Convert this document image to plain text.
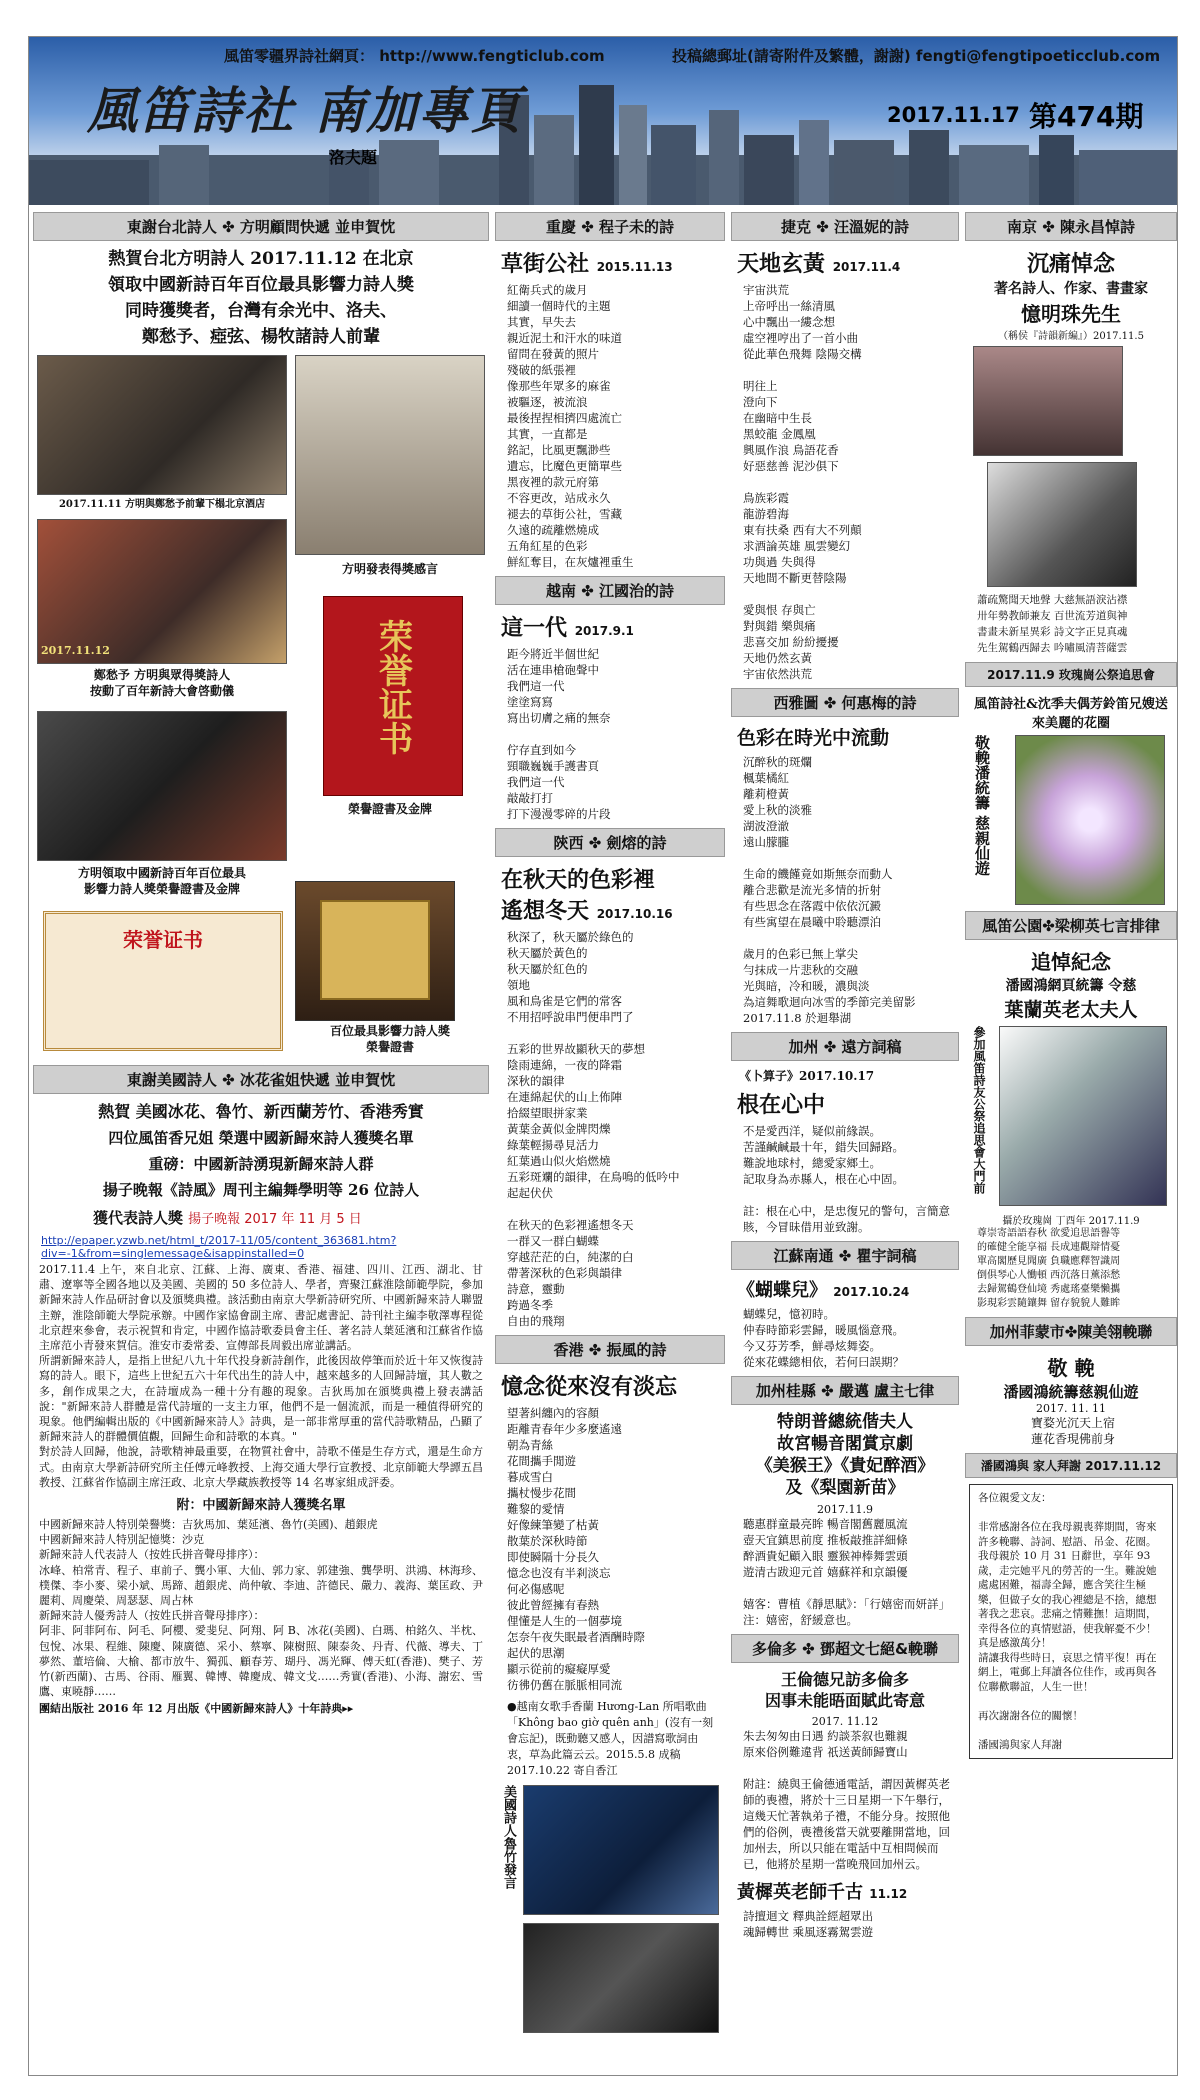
風笛零疆界詩社網頁： http://www.fengticlub.com	投稿總郵址(請寄附件及繁體，謝謝) fengti@fengtipoeticclub.com
風笛詩社 南加專頁
洛夫題
2017.11.17 第474期
東謝台北詩人 ✤ 方明顧問快遞 並申賀忱
熱賀台北方明詩人 2017.11.12 在北京
領取中國新詩百年百位最具影響力詩人獎
同時獲獎者，台灣有余光中、洛夫、
鄭愁予、瘂弦、楊牧諸詩人前輩
2017.11.11 方明與鄭愁予前輩下榻北京酒店
方明發表得獎感言
2017.11.12
鄭愁予 方明與眾得獎詩人
按動了百年新詩大會啓動儀	荣誉证书
榮譽證書及金牌
方明領取中國新詩百年百位最具
影響力詩人獎榮譽證書及金牌
荣誉证书
百位最具影響力詩人獎
榮譽證書
東謝美國詩人 ✤ 冰花雀姐快遞 並申賀忱
熱賀 美國冰花、魯竹、新西蘭芳竹、香港秀實
四位風笛香兄姐 榮選中國新歸來詩人獲獎名單
重磅：中國新詩湧現新歸來詩人群
揚子晚報《詩風》周刊主編舞學明等 26 位詩人
獲代表詩人獎 揚子晚報 2017 年 11 月 5 日
http://epaper.yzwb.net/html_t/2017-11/05/content_363681.htm?div=-1&from=singlemessage&isappinstalled=0
2017.11.4 上午，來自北京、江蘇、上海、廣東、香港、福建、四川、江西、湖北、甘肅、遼寧等全國各地以及美國、美國的 50 多位詩人、學者，齊聚江蘇淮陰師範學院，參加新歸來詩人作品研討會以及頒獎典禮。該活動由南京大學新詩研究所、中國新歸來詩人聯盟主辦，淮陰師範大學院承辦。中國作家協會副主席、書記處書記、詩刊社主編李敬澤專程從北京趕來參會，表示祝賀和肯定，中國作協詩歌委員會主任、著名詩人葉延濱和江蘇省作協主席范小青發來賀信。淮安市委常委、宣傳部長周毅出席並講話。
所謂新歸來詩人，是指上世紀八九十年代投身新詩創作，此後因故停筆而於近十年又恢復詩寫的詩人。眼下，這些上世紀五六十年代出生的詩人中，越來越多的人回歸詩壇，其人數之多，創作成果之大，在詩壇成為一種十分有趣的現象。吉狄馬加在頒獎典禮上發表講話說："新歸來詩人群體是當代詩壇的一支主力軍，他們不是一個流派，而是一種值得研究的現象。他們編輯出版的《中國新歸來詩人》詩典，是一部非常厚重的當代詩歌精品，凸顯了新歸來詩人的群體價值觀，回歸生命和詩歌的本真。"
對於詩人回歸，他說，詩歌精神最重要，在物質社會中，詩歌不僅是生存方式，還是生命方式。由南京大學新詩研究所主任傅元峰教授、上海交通大學行宣教授、北京師範大學譚五昌教授、江蘇省作協副主席汪政、北京大學藏族教授等 14 名專家組成評委。
附：中國新歸來詩人獲獎名單
中國新歸來詩人特別榮譽獎：吉狄馬加、葉延濱、魯竹(美國)、趙銀虎
中國新歸來詩人特別記憶獎：沙克
新歸來詩人代表詩人（按姓氏拼音聲母排序）：
冰峰、柏常青、程子、車前子、龔小軍、大仙、郭力家、郭建強、龔學明、洪鴻、林海珍、樸傑、李小麥、梁小斌、馬蹄、趙銀虎、尚仲敏、李迪、許德民、嚴力、義海、葉匡政、尹麗莉、周慶榮、周瑟瑟、周占林
新歸來詩人優秀詩人（按姓氏拼音聲母排序）：
阿非、阿菲阿布、阿毛、阿櫻、愛斐兒、阿翔、阿 B、冰花(美國)、白瑪、柏銘久、半枕、包悅、冰果、程維、陳慶、陳廣德、采小、蔡寧、陳樹照、陳泰灸、丹青、代薇、導夫、丁夢然、董培倫、大榆、都市放牛、獨孤、顧春芳、瑚丹、馮光輝、傅天虹(香港)、樊子、芳竹(新西蘭)、古馬、谷雨、雁翼、韓博、韓慶成、韓文戈……秀實(香港)、小海、謝宏、雪鷹、東曉靜……
團結出版社 2016 年 12 月出版《中國新歸來詩人》十年詩典▸▸
重慶 ✤ 程子未的詩
草街公社 2015.11.13
紅衛兵式的歲月
細讀一個時代的主題
其實，早失去
親近泥土和汗水的味道
留問在發黃的照片
殘破的紙張裡
像那些年眾多的麻雀
被驅逐，被流浪
最後捏捏相擠四處流亡
其實，一直都是
銘記，比風更飄渺些
遺忘，比魔色更簡單些
黑夜裡的款元府第
不容更改，站成永久
褪去的草街公社，雪藏
久遠的疏離燃燒成
五角紅星的色彩
鮮紅奪目，在灰爐裡重生
越南 ✤ 江國治的詩
這一代 2017.9.1
距今將近半個世紀
活在連串槍砲聲中
我們這一代
塗塗寫寫
寫出切膚之痛的無奈

佇存直到如今
頸職巍巍手護書頁
我們這一代
敲敲打打
打下漫漫零碎的片段
陝西 ✤ 劍熔的詩
在秋天的色彩裡
遙想冬天 2017.10.16
秋深了，秋天屬於綠色的
秋天屬於黃色的
秋天屬於紅色的
領地
風和鳥雀是它們的常客
不用招呼說串門便串門了

五彩的世界故顯秋天的夢想
陰雨連綿，一夜的降霜
深秋的韻律
在連綿起伏的山上佈陣
拾綴望眼拼家業
黃葉金黃似金牌閃爍
綠葉輕揚尋見活力
紅葉過山似火焰燃燒
五彩斑斕的韻律，在鳥鳴的低吟中
起起伏伏

在秋天的色彩裡遙想冬天
一群又一群白蝴蝶
穿越茫茫的白，純潔的白
帶著深秋的色彩與韻律
詩意，靈動
跨過冬季
自由的飛翔
香港 ✤ 振風的詩
憶念從來沒有淡忘
望著糾纏內的容顏
距離青春年少多麼遙遠
朝為青絲
花間攜手閒遊
暮成雪白
攜杖慢步花間
難黎的愛情
好像練筆變了枯黃
散葉於深秋時節
即使瞬隔十分長久
憶念也沒有半剎淡忘
何必傷感呢
彼此曾經擁有春熱
俚懂是人生的一個夢境
怎奈午夜失眠最者酒酬時際
起伏的思潮
顯示從前的癡癡厚愛
彷彿仍舊在脈脈相同流
●越南女歌手香蘭 Hương-Lan 所唱歌曲「Không bao giờ quên anh」(沒有一刻會忘記)，既動聽又感人，因譜寫歌詞由衷，草為此篇云云。2015.5.8 成稿
2017.10.22 寄自香江
美國詩人魯竹發言
捷克 ✤ 汪溫妮的詩
天地玄黃 2017.11.4
宇宙洪荒
上帝呼出一絲清風
心中飄出一縷念想
虛空裡哼出了一首小曲
從此華色飛舞 陰陽交構

明往上
澄向下
在幽暗中生長
黑蛟龍 金鳳凰
興風作浪 鳥語花香
好惡慈善 泥沙俱下

鳥族彩霞
龍游碧海
東有扶桑 西有大不列顛
求酒論英雄 風雲變幻
功與過 失與得
天地間不斷更替陰陽

愛與恨 存與亡
對與錯 樂與痛
悲喜交加 紛紛擾擾
天地仍然玄黃
宇宙依然洪荒
西雅圖 ✤ 何惠梅的詩
色彩在時光中流動
沉醉秋的斑爛
楓葉橘紅
離莉橙黃
愛上秋的淡雅
湖波澄澈
遠山朦朧

生命的饑饉竟如斯無奈而動人
離合悲歡是流光多情的折射
有些思念在落霞中依依沉澱
有些寓望在晨曦中聆聽漂泊

歲月的色彩已無上掌尖
勻抹成一片悲秋的交融
光與暗，冷和暖，濃與淡
為這舞歌迴向冰雪的季節完美留影
2017.11.8 於迴舉湖
加州 ✤ 遠方詞稿
《卜算子》2017.10.17
根在心中
不是愛西洋，疑似前緣誤。
苦謹鹹鹹最十年，錯失回歸路。
難說地球村，總愛家鄉土。
記取身為赤縣人，根在心中固。

註：根在心中，是忠復兄的警句，言簡意賅，今冒昧借用並致謝。
江蘇南通 ✤ 瞿宇詞稿
《蝴蝶兒》 2017.10.24
蝴蝶兒，憶初時。
仲春時節彩雲歸，暖風惱意飛。
今又芬芳季，鮮尋炫舞姿。
從來花蝶總相依，若何曰誤期？
加州桂縣 ✤ 嚴邁 盧主七律
特朗普總統偕夫人
故宮暢音閣賞京劇
《美猴王》《貴妃醉酒》
及《梨園新苗》
2017.11.9
聽惠群童最亮眸 暢音閣舊麗風流
壺天宜鎮思前度 推板敲推詳細條
醉酒貴妃顧入眼 靈猴神棒舞雲頭
遊清古跋迎元首 嬉蘇祥和京韻優

嬉客：曹植《靜思賦》：「行嬉密而妍詳」注：嬉密，舒緩意也。
多倫多 ✤ 鄧超文七絕&輓聯
王倫德兄訪多倫多
因事未能晤面賦此寄意
2017. 11.12
朱去匆匆由日遇 約談茶叙也難親
原來俗例難違背 祇送黃師歸寶山

附註：繞與王倫德通電話，謂因黃樨英老師的喪禮，將於十三日星期一下午舉行，這幾天忙著執弟子禮，不能分身。按照他們的俗例，喪禮後當天就要離開當地，回加州去，所以只能在電話中互相問候而已，他將於星期一當晚飛回加州云。
黃樨英老師千古 11.12
詩擅迴文 釋典詮經超眾出
魂歸轉世 乘風逐霧駕雲遊
南京 ✤ 陳永昌悼詩
沉痛悼念
著名詩人、作家、書畫家
憶明珠先生
（稱侯『詩韻新編』）2017.11.5
蕭疏驚聞天地聲 大慈無語淚沾襟
卅年勢教師兼友 百世流芳道與神
書畫未新星異彩 詩文字正見真魂
先生駕鶴西歸去 吟嘯風清菩薩雲
2017.11.9 玫瑰崗公祭追思會
風笛詩社&沈季夫偶芳鈴笛兄嫂送來美麗的花圈
敬輓潘統籌 慈親仙遊
風笛公園✤梁柳英七言排律
追悼紀念
潘國鴻網頁統籌 令慈
葉蘭英老太夫人
參加風笛詩友公祭追思會大門前
攝於玫瑰崗 丁酉年 2017.11.9
尊崇寄語語春秋 欲愛追思語譽等
的確健全能享福 長成連觀辯情憂
單高閣歷見聞廣 負職應釋智識周
倒俱琴心人慟頓 西沉落日薰添愁
去歸駕鶴登仙境 秀處瑤臺樂懶攜
影現彩雲隨鑲舞 留存貌貌人難眸
加州菲蒙市✤陳美翎輓聯
敬 輓
潘國鴻統籌慈親仙遊
2017. 11. 11
寶婺光沉天上宿
蓮花香現佛前身
潘國鴻與 家人拜謝 2017.11.12
各位親愛文友：

非常感謝各位在我母親喪葬期間，寄來許多輓聯、詩詞、慰語、吊金、花圈。
我母親於 10 月 31 日辭世，享年 93 歲，走完她平凡的勞苦的一生。難說她處處困難，福壽全歸，應含笑往生極樂，但做子女的我心裡總是不捨，總想著我之悲哀。悲痛之情難撫！這期間，幸得各位的真情慰語，使我解憂不少！真是感激萬分！
請讓我得些時日，哀思之情平復！再在網上，電郵上拜讀各位佳作，或再與各位聯歡聯誼，人生一世！

再次謝謝各位的關懷！

潘國鴻與家人拜謝
